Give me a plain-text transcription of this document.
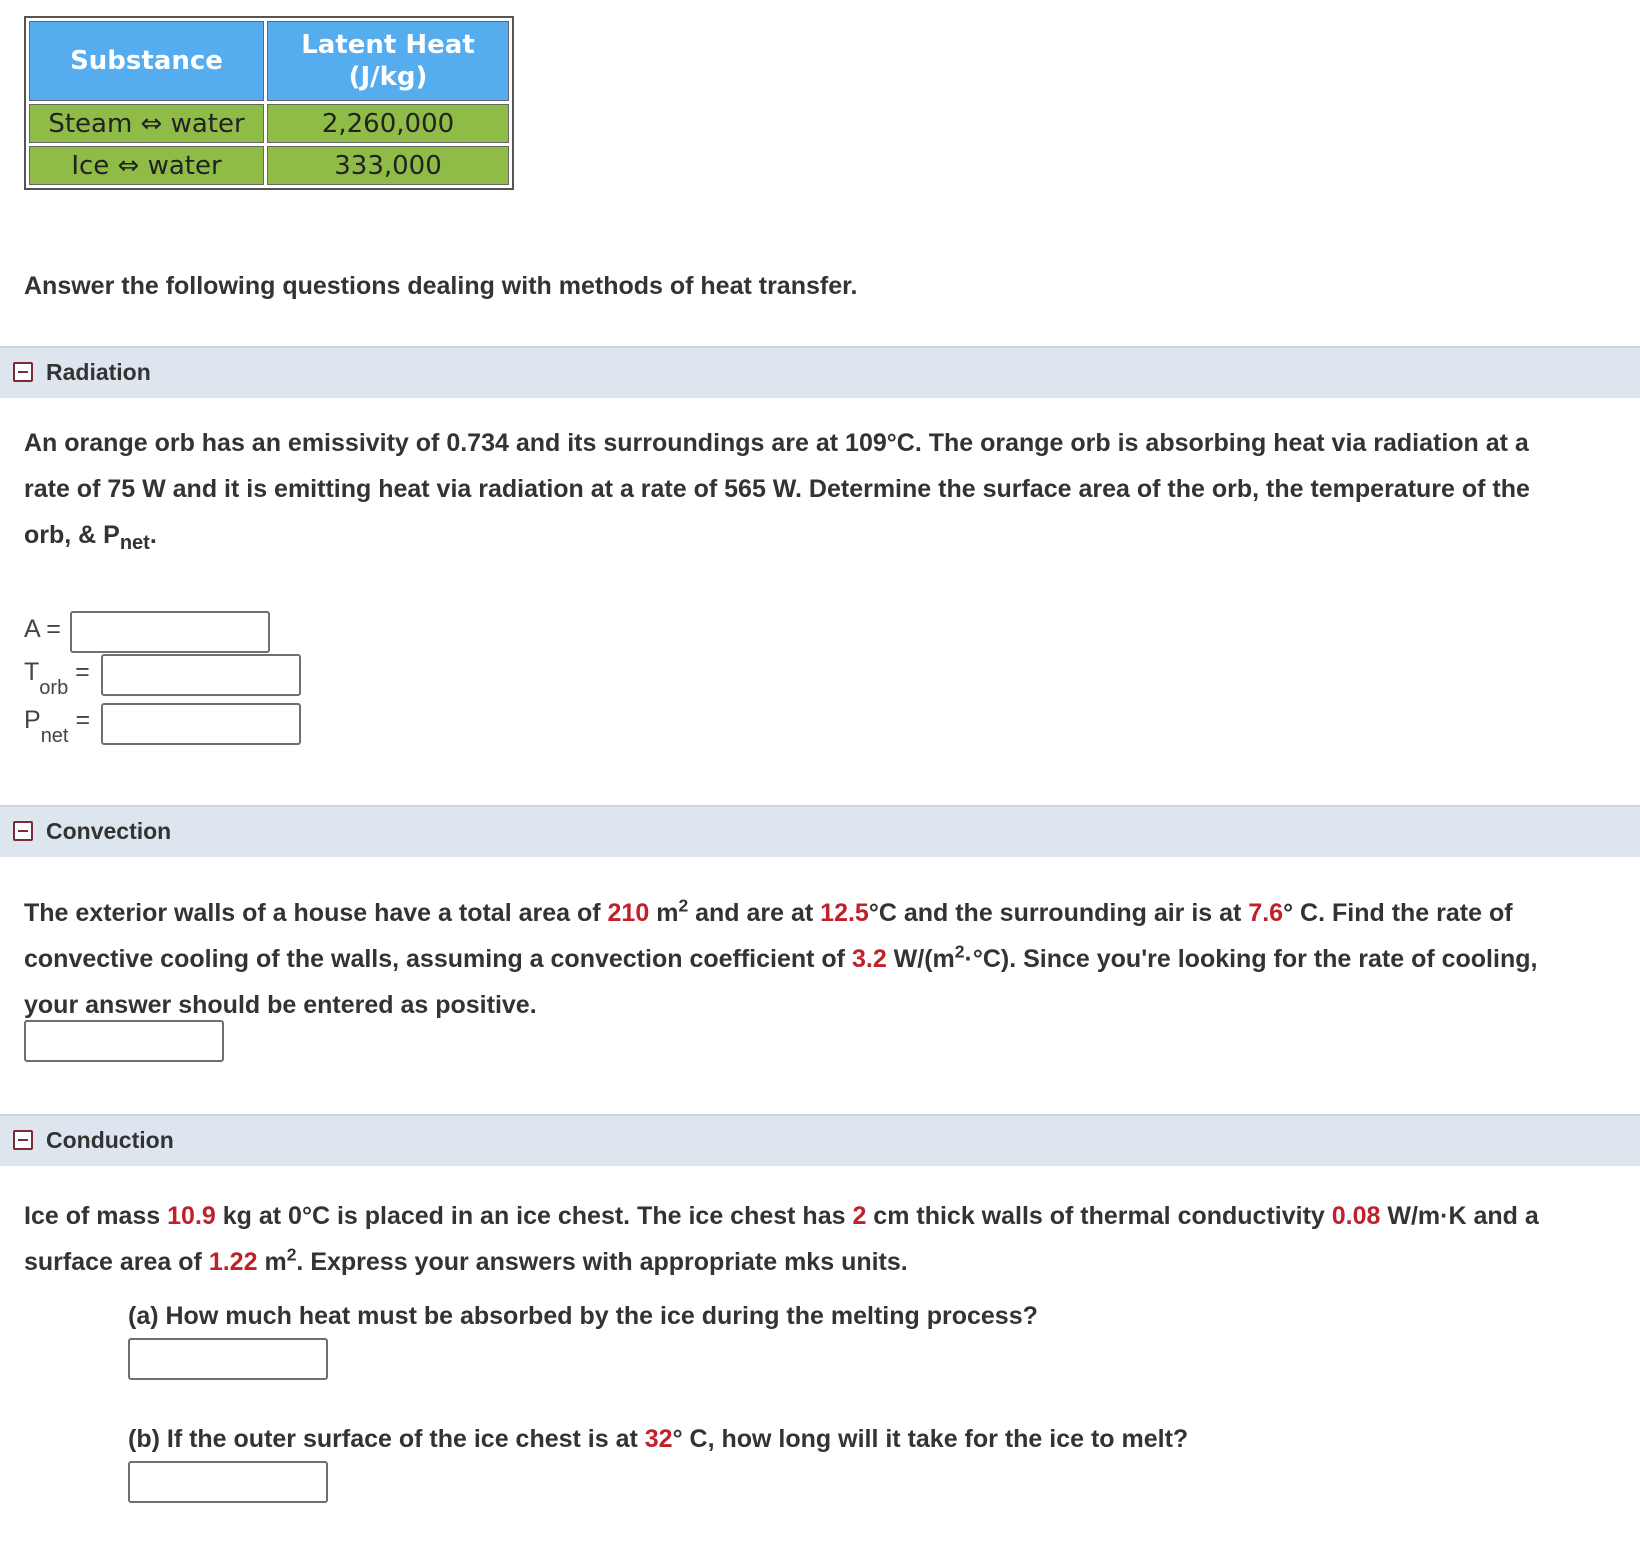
Substance	Latent Heat
(J/kg)

Steam ⇔ water	2,260,000
Ice ⇔ water	333,000
Answer the following questions dealing with methods of heat transfer.
Radiation
An orange orb has an emissivity of 0.734 and its surroundings are at 109°C. The orange orb is absorbing heat via radiation at a
rate of 75 W and it is emitting heat via radiation at a rate of 565 W. Determine the surface area of the orb, the temperature of the
orb, & $P_{net}$.
A =
$T_{orb}$ =
$P_{net}$ =
Convection
The exterior walls of a house have a total area of 210 $m^2$ and are at 12.5°C and the surrounding air is at 7.6° C. Find the rate of
convective cooling of the walls, assuming a convection coefficient of 3.2 $W/(m^2\cdot^\circ C)$. Since you're looking for the rate of cooling,
your answer should be entered as positive.
Conduction
Ice of mass 10.9 kg at 0°C is placed in an ice chest. The ice chest has 2 cm thick walls of thermal conductivity 0.08 W/m·K and a
surface area of 1.22 $m^2$. Express your answers with appropriate mks units.
(a) How much heat must be absorbed by the ice during the melting process?
(b) If the outer surface of the ice chest is at 32° C, how long will it take for the ice to melt?
